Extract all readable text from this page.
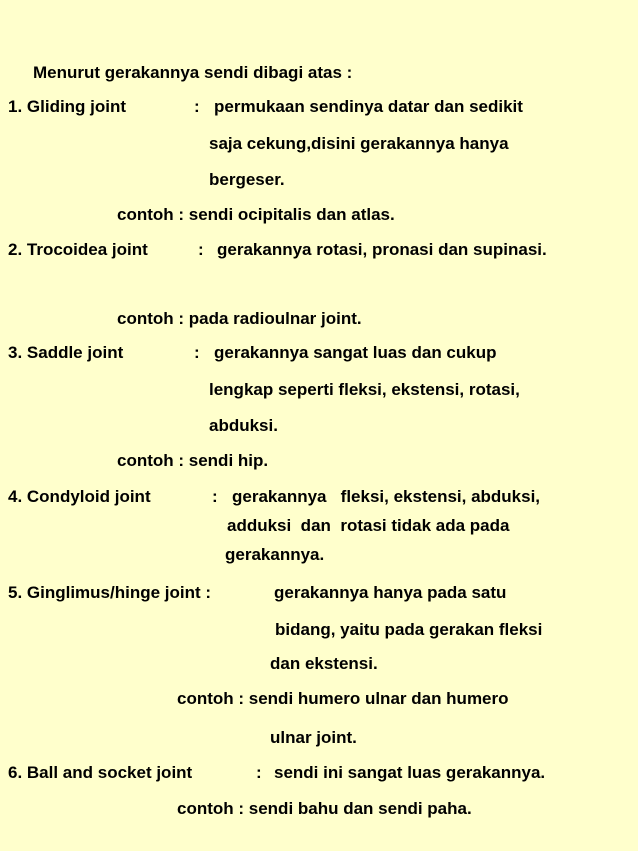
Menurut gerakannya sendi dibagi atas :

1. Gliding joint	: permukaan sendinya datar dan sedikit

saja cekung,disini gerakannya hanya

bergeser.

contoh : sendi ocipitalis dan atlas.

2. Trocoidea joint	: gerakannya rotasi, pronasi dan supinasi.

contoh : pada radioulnar joint.

3. Saddle joint	: gerakannya sangat luas dan cukup

lengkap seperti fleksi, ekstensi, rotasi,

abduksi.

contoh : sendi hip.

4. Condyloid joint	: gerakannya   fleksi, ekstensi, abduksi,

adduksi  dan  rotasi tidak ada pada

gerakannya.

5. Ginglimus/hinge joint :	gerakannya hanya pada satu

bidang, yaitu pada gerakan fleksi

dan ekstensi.

contoh : sendi humero ulnar dan humero

ulnar joint.

6. Ball and socket joint	: sendi ini sangat luas gerakannya.

contoh : sendi bahu dan sendi paha.
